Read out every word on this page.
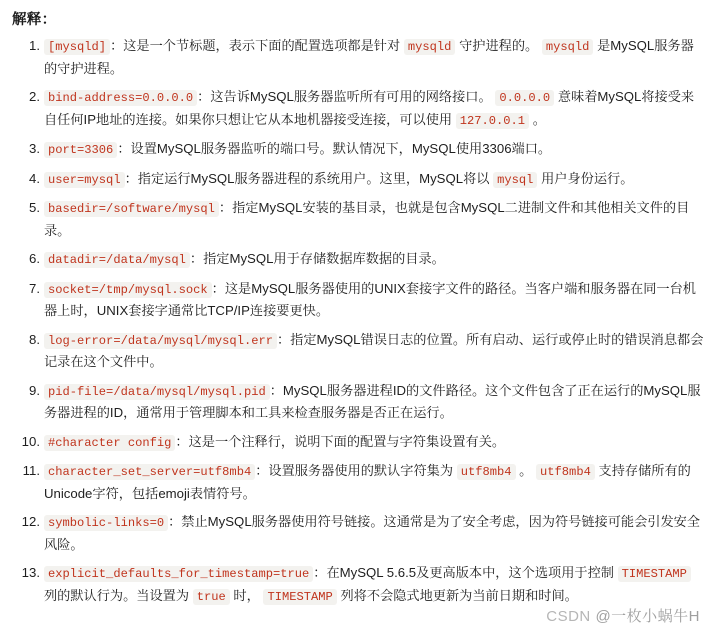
解释：
[mysqld] ：这是一个节标题，表示下面的配置选项都是针对 mysqld 守护进程的。 mysqld 是MySQL服务器的守护进程。
bind-address=0.0.0.0 ：这告诉MySQL服务器监听所有可用的网络接口。 0.0.0.0 意味着MySQL将接受来自任何IP地址的连接。如果你只想让它从本地机器接受连接，可以使用 127.0.0.1 。
port=3306 ：设置MySQL服务器监听的端口号。默认情况下，MySQL使用3306端口。
user=mysql ：指定运行MySQL服务器进程的系统用户。这里，MySQL将以 mysql 用户身份运行。
basedir=/software/mysql ：指定MySQL安装的基目录，也就是包含MySQL二进制文件和其他相关文件的目录。
datadir=/data/mysql ：指定MySQL用于存储数据库数据的目录。
socket=/tmp/mysql.sock ：这是MySQL服务器使用的UNIX套接字文件的路径。当客户端和服务器在同一台机器上时，UNIX套接字通常比TCP/IP连接要更快。
log-error=/data/mysql/mysql.err ：指定MySQL错误日志的位置。所有启动、运行或停止时的错误消息都会记录在这个文件中。
pid-file=/data/mysql/mysql.pid ：MySQL服务器进程ID的文件路径。这个文件包含了正在运行的MySQL服务器进程的ID，通常用于管理脚本和工具来检查服务器是否正在运行。
#character config ：这是一个注释行，说明下面的配置与字符集设置有关。
character_set_server=utf8mb4 ：设置服务器使用的默认字符集为 utf8mb4 。 utf8mb4 支持存储所有的Unicode字符，包括emoji表情符号。
symbolic-links=0 ：禁止MySQL服务器使用符号链接。这通常是为了安全考虑，因为符号链接可能会引发安全风险。
explicit_defaults_for_timestamp=true ：在MySQL 5.6.5及更高版本中，这个选项用于控制 TIMESTAMP 列的默认行为。当设置为 true 时， TIMESTAMP 列将不会隐式地更新为当前日期和时间。
CSDN @一枚小蜗牛H
